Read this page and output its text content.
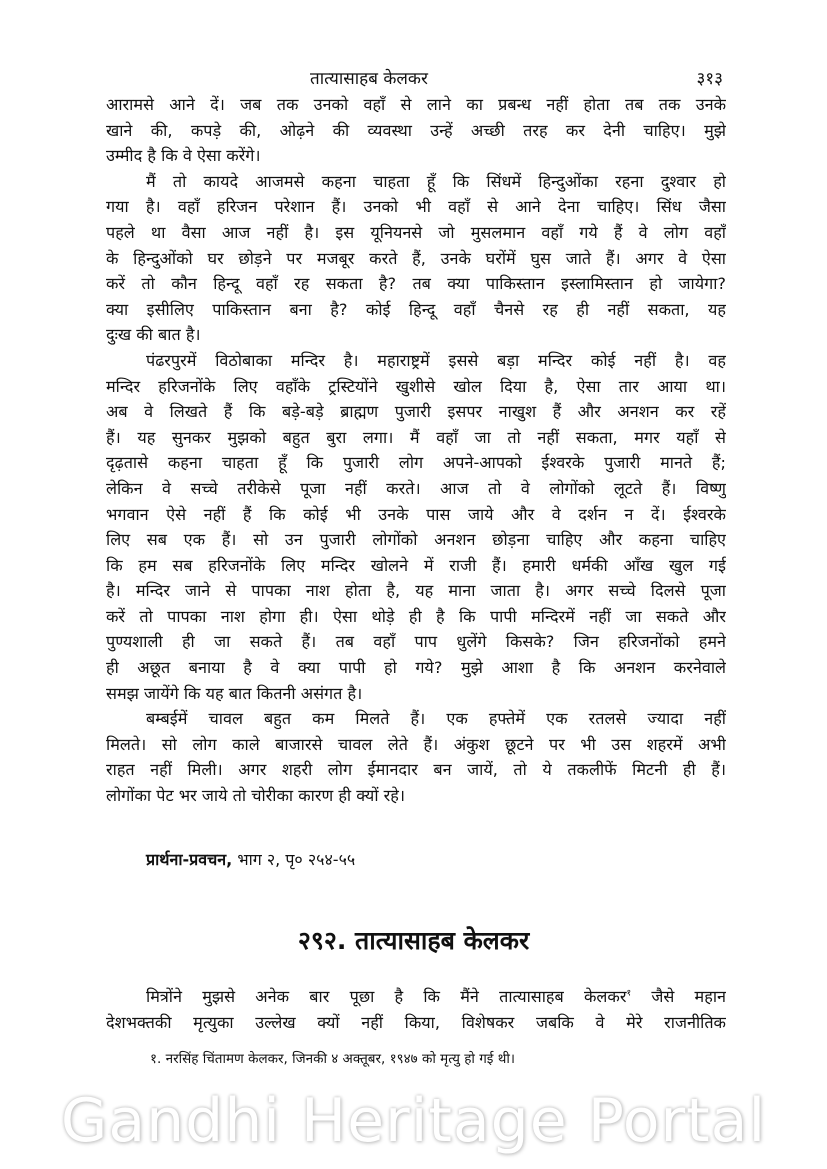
तात्यासाहब केलकर	३१३
आरामसे आने दें। जब तक उनको वहाँ से लाने का प्रबन्ध नहीं होता तब तक उनके
खाने की, कपड़े की, ओढ़ने की व्यवस्था उन्हें अच्छी तरह कर देनी चाहिए। मुझे
उम्मीद है कि वे ऐसा करेंगे।
मैं तो कायदे आजमसे कहना चाहता हूँ कि सिंधमें हिन्दुओंका रहना दुश्वार हो
गया है। वहाँ हरिजन परेशान हैं। उनको भी वहाँ से आने देना चाहिए। सिंध जैसा
पहले था वैसा आज नहीं है। इस यूनियनसे जो मुसलमान वहाँ गये हैं वे लोग वहाँ
के हिन्दुओंको घर छोड़ने पर मजबूर करते हैं, उनके घरोंमें घुस जाते हैं। अगर वे ऐसा
करें तो कौन हिन्दू वहाँ रह सकता है? तब क्या पाकिस्तान इस्लामिस्तान हो जायेगा?
क्या इसीलिए पाकिस्तान बना है? कोई हिन्दू वहाँ चैनसे रह ही नहीं सकता, यह
दुःख की बात है।
पंढरपुरमें विठोबाका मन्दिर है। महाराष्ट्रमें इससे बड़ा मन्दिर कोई नहीं है। वह
मन्दिर हरिजनोंके लिए वहाँके ट्रस्टियोंने खुशीसे खोल दिया है, ऐसा तार आया था।
अब वे लिखते हैं कि बड़े-बड़े ब्राह्मण पुजारी इसपर नाखुश हैं और अनशन कर रहें
हैं। यह सुनकर मुझको बहुत बुरा लगा। मैं वहाँ जा तो नहीं सकता, मगर यहाँ से
दृढ़तासे कहना चाहता हूँ कि पुजारी लोग अपने-आपको ईश्वरके पुजारी मानते हैं;
लेकिन वे सच्चे तरीकेसे पूजा नहीं करते। आज तो वे लोगोंको लूटते हैं। विष्णु
भगवान ऐसे नहीं हैं कि कोई भी उनके पास जाये और वे दर्शन न दें। ईश्वरके
लिए सब एक हैं। सो उन पुजारी लोगोंको अनशन छोड़ना चाहिए और कहना चाहिए
कि हम सब हरिजनोंके लिए मन्दिर खोलने में राजी हैं। हमारी धर्मकी आँख खुल गई
है। मन्दिर जाने से पापका नाश होता है, यह माना जाता है। अगर सच्चे दिलसे पूजा
करें तो पापका नाश होगा ही। ऐसा थोड़े ही है कि पापी मन्दिरमें नहीं जा सकते और
पुण्यशाली ही जा सकते हैं। तब वहाँ पाप धुलेंगे किसके? जिन हरिजनोंको हमने
ही अछूत बनाया है वे क्या पापी हो गये? मुझे आशा है कि अनशन करनेवाले
समझ जायेंगे कि यह बात कितनी असंगत है।
बम्बईमें चावल बहुत कम मिलते हैं। एक हफ्तेमें एक रतलसे ज्यादा नहीं
मिलते। सो लोग काले बाजारसे चावल लेते हैं। अंकुश छूटने पर भी उस शहरमें अभी
राहत नहीं मिली। अगर शहरी लोग ईमानदार बन जायें, तो ये तकलीफें मिटनी ही हैं।
लोगोंका पेट भर जाये तो चोरीका कारण ही क्यों रहे।
प्रार्थना-प्रवचन, भाग २, पृ० २५४-५५
२९२. तात्यासाहब केलकर
मित्रोंने मुझसे अनेक बार पूछा है कि मैंने तात्यासाहब केलकर$^१$ जैसे महान
देशभक्तकी मृत्युका उल्लेख क्यों नहीं किया, विशेषकर जबकि वे मेरे राजनीतिक
१. नरसिंह चिंतामण केलकर, जिनकी ४ अक्तूबर, १९४७ को मृत्यु हो गई थी।
Gandhi Heritage Portal
